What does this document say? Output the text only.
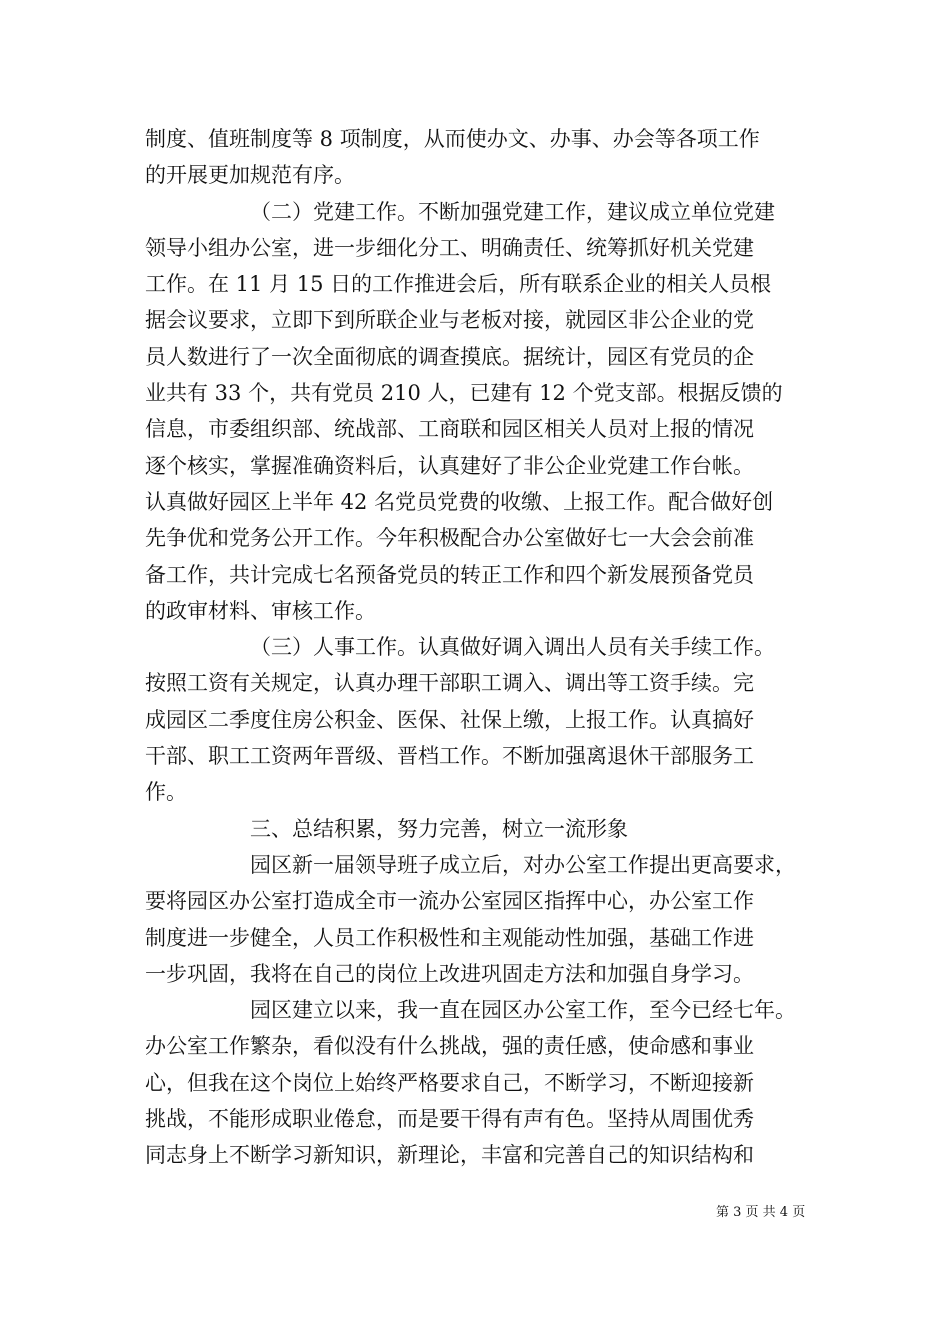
制度、值班制度等 8 项制度，从而使办文、办事、办会等各项工作
的开展更加规范有序。
（二）党建工作。不断加强党建工作，建议成立单位党建
领导小组办公室，进一步细化分工、明确责任、统筹抓好机关党建
工作。在 11 月 15 日的工作推进会后，所有联系企业的相关人员根
据会议要求，立即下到所联企业与老板对接，就园区非公企业的党
员人数进行了一次全面彻底的调查摸底。据统计，园区有党员的企
业共有 33 个，共有党员 210 人，已建有 12 个党支部。根据反馈的
信息，市委组织部、统战部、工商联和园区相关人员对上报的情况
逐个核实，掌握准确资料后，认真建好了非公企业党建工作台帐。
认真做好园区上半年 42 名党员党费的收缴、上报工作。配合做好创
先争优和党务公开工作。今年积极配合办公室做好七一大会会前准
备工作，共计完成七名预备党员的转正工作和四个新发展预备党员
的政审材料、审核工作。
（三）人事工作。认真做好调入调出人员有关手续工作。
按照工资有关规定，认真办理干部职工调入、调出等工资手续。完
成园区二季度住房公积金、医保、社保上缴，上报工作。认真搞好
干部、职工工资两年晋级、晋档工作。不断加强离退休干部服务工
作。
三、总结积累，努力完善，树立一流形象
园区新一届领导班子成立后，对办公室工作提出更高要求，
要将园区办公室打造成全市一流办公室园区指挥中心，办公室工作
制度进一步健全，人员工作积极性和主观能动性加强，基础工作进
一步巩固，我将在自己的岗位上改进巩固走方法和加强自身学习。
园区建立以来，我一直在园区办公室工作，至今已经七年。
办公室工作繁杂，看似没有什么挑战，强的责任感，使命感和事业
心，但我在这个岗位上始终严格要求自己，不断学习，不断迎接新
挑战，不能形成职业倦怠，而是要干得有声有色。坚持从周围优秀
同志身上不断学习新知识，新理论，丰富和完善自己的知识结构和
第 3 页 共 4 页
